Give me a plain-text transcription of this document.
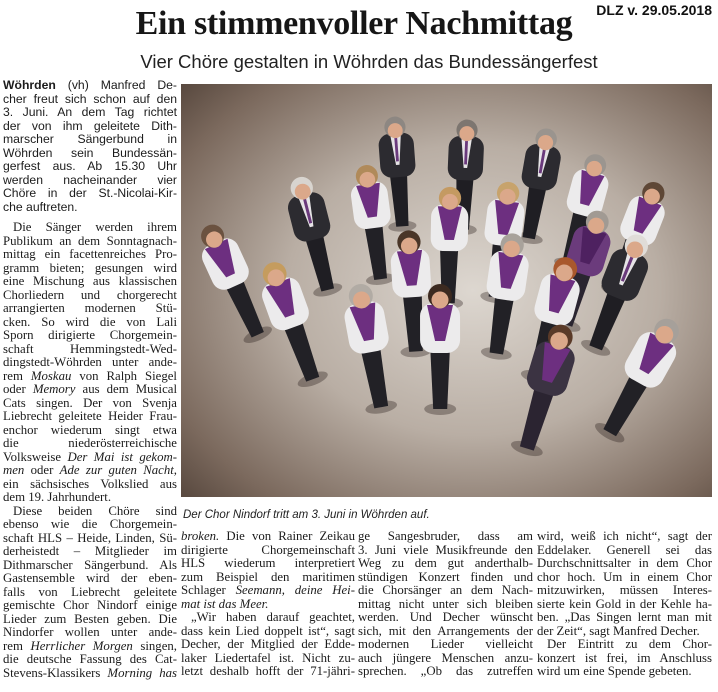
DLZ v. 29.05.2018
Ein stimmenvoller Nachmittag
Vier Chöre gestalten in Wöhrden das Bundessängerfest
Wöhrden (vh) Manfred De-
cher freut sich schon auf den
3. Juni. An dem Tag richtet
der von ihm geleitete Dith-
marscher Sängerbund in
Wöhrden sein Bundessän-
gerfest aus. Ab 15.30 Uhr
werden nacheinander vier
Chöre in der St.-Nicolai-Kir-
che auftreten.
Die Sänger werden ihrem
Publikum an dem Sonntagnach-
mittag ein facettenreiches Pro-
gramm bieten; gesungen wird
eine Mischung aus klassischen
Chorliedern und chorgerecht
arrangierten modernen Stü-
cken. So wird die von Lali
Sporn dirigierte Chorgemein-
schaft Hemmingstedt-Wed-
dingstedt-Wöhrden unter ande-
rem Moskau von Ralph Siegel
oder Memory aus dem Musical
Cats singen. Der von Svenja
Liebrecht geleitete Heider Frau-
enchor wiederum singt etwa
die niederösterreichische
Volksweise Der Mai ist gekom-
men oder Ade zur guten Nacht,
ein sächsisches Volkslied aus
dem 19. Jahrhundert.
Diese beiden Chöre sind
ebenso wie die Chorgemein-
schaft HLS – Heide, Linden, Sü-
derheistedt – Mitglieder im
Dithmarscher Sängerbund. Als
Gastensemble wird der eben-
falls von Liebrecht geleitete
gemischte Chor Nindorf einige
Lieder zum Besten geben. Die
Nindorfer wollen unter ande-
rem Herrlicher Morgen singen,
die deutsche Fassung des Cat-
Stevens-Klassikers Morning has
broken. Die von Rainer Zeikau
dirigierte Chorgemeinschaft
HLS wiederum interpretiert
zum Beispiel den maritimen
Schlager Seemann, deine Hei-
mat ist das Meer.
„Wir haben darauf geachtet,
dass kein Lied doppelt ist“, sagt
Decher, der Mitglied der Edde-
laker Liedertafel ist. Nicht zu-
letzt deshalb hofft der 71-jähri-
ge Sangesbruder, dass am
3. Juni viele Musikfreunde den
Weg zu dem gut anderthalb-
stündigen Konzert finden und
die Chorsänger an dem Nach-
mittag nicht unter sich bleiben
werden. Und Decher wünscht
sich, mit den Arrangements der
modernen Lieder vielleicht
auch jüngere Menschen anzu-
sprechen. „Ob das zutreffen
wird, weiß ich nicht“, sagt der
Eddelaker. Generell sei das
Durchschnittsalter in dem Chor
chor hoch. Um in einem Chor
mitzuwirken, müssen Interes-
sierte kein Gold in der Kehle ha-
ben. „Das Singen lernt man mit
der Zeit“, sagt Manfred Decher.
Der Eintritt zu dem Chor-
konzert ist frei, im Anschluss
wird um eine Spende gebeten.
Der Chor Nindorf tritt am 3. Juni in Wöhrden auf.
